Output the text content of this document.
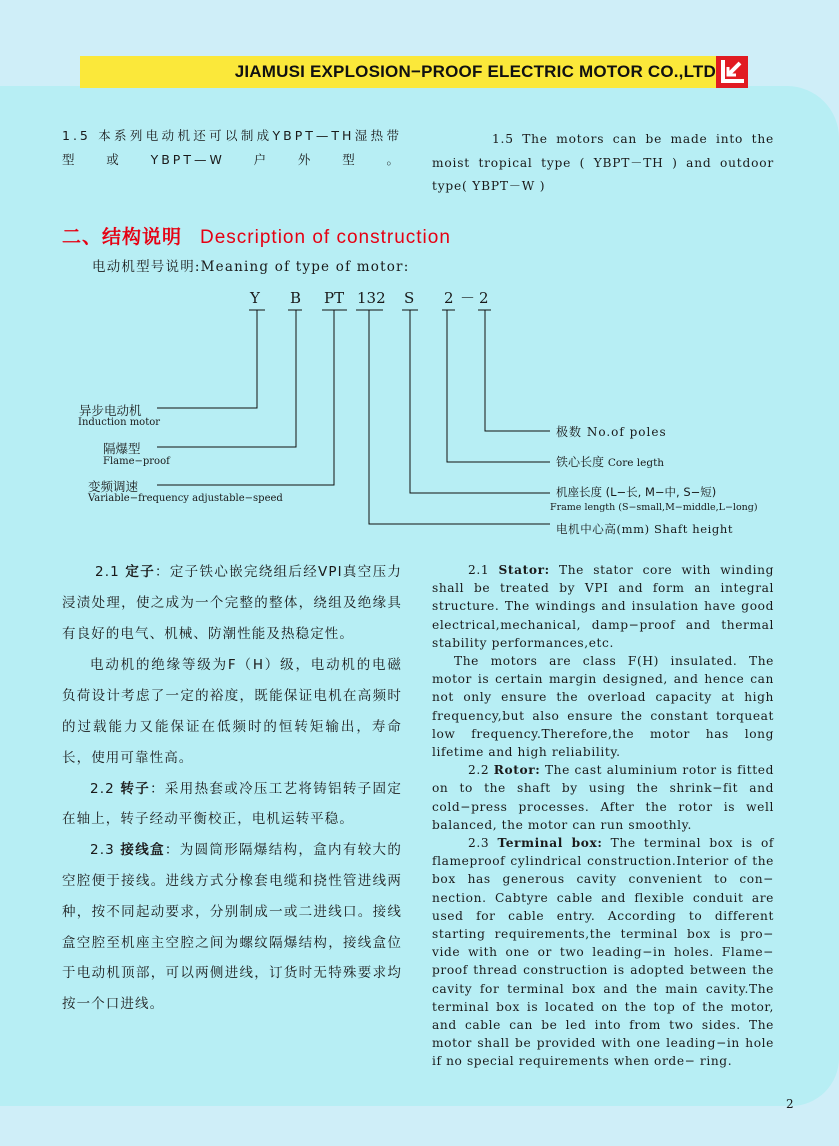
JIAMUSI EXPLOSION−PROOF ELECTRIC MOTOR CO.,LTD
1.5 本系列电动机还可以制成YBPT—TH湿热带型或YBPT—W户外型。
1.5 The motors can be made into the moist tropical type ( YBPT－TH ) and outdoor type( YBPT－W )
二、结构说明 Description of construction
电动机型号说明:Meaning of type of motor:
Y B PT 132 S 2 － 2
异步电动机
Induction motor
隔爆型
Flame−proof
变频调速
Variable−frequency adjustable−speed
极数 No.of poles
铁心长度 Core legth
机座长度 (L−长, M−中, S−短)
Frame length (S−small,M−middle,L−long)
电机中心高(mm) Shaft height

2.1 定子：定子铁心嵌完绕组后经VPI真空压力浸渍处理，使之成为一个完整的整体，绕组及绝缘具有良好的电气、机械、防潮性能及热稳定性。

电动机的绝缘等级为F（H）级，电动机的电磁负荷设计考虑了一定的裕度，既能保证电机在高频时的过载能力又能保证在低频时的恒转矩输出，寿命长，使用可靠性高。

2.2 转子：采用热套或冷压工艺将铸铝转子固定在轴上，转子经动平衡校正，电机运转平稳。

2.3 接线盒：为圆筒形隔爆结构，盒内有较大的空腔便于接线。进线方式分橡套电缆和挠性管进线两种，按不同起动要求，分别制成一或二进线口。接线盒空腔至机座主空腔之间为螺纹隔爆结构，接线盒位于电动机顶部，可以两侧进线，订货时无特殊要求均按一个口进线。

2.1 Stator: The stator core with winding shall be treated by VPI and form an integral structure. The windings and insulation have good electrical,mechanical, damp−proof and thermal stability performances,etc.

The motors are class F(H) insulated. The motor is certain margin designed, and hence can not only ensure the overload capacity at high frequency,but also ensure the constant torqueat low frequency.Therefore,the motor has long lifetime and high reliability.

2.2 Rotor: The cast aluminium rotor is fitted on to the shaft by using the shrink−fit and cold−press processes. After the rotor is well balanced, the motor can run smoothly.

2.3 Terminal box: The terminal box is of flameproof cylindrical construction.Interior of the box has generous cavity convenient to con− nection. Cabtyre cable and flexible conduit are used for cable entry. According to different starting requirements,the terminal box is pro− vide with one or two leading−in holes. Flame− proof thread construction is adopted between the cavity for terminal box and the main cavity.The terminal box is located on the top of the motor, and cable can be led into from two sides. The motor shall be provided with one leading−in hole if no special requirements when orde− ring.

2
